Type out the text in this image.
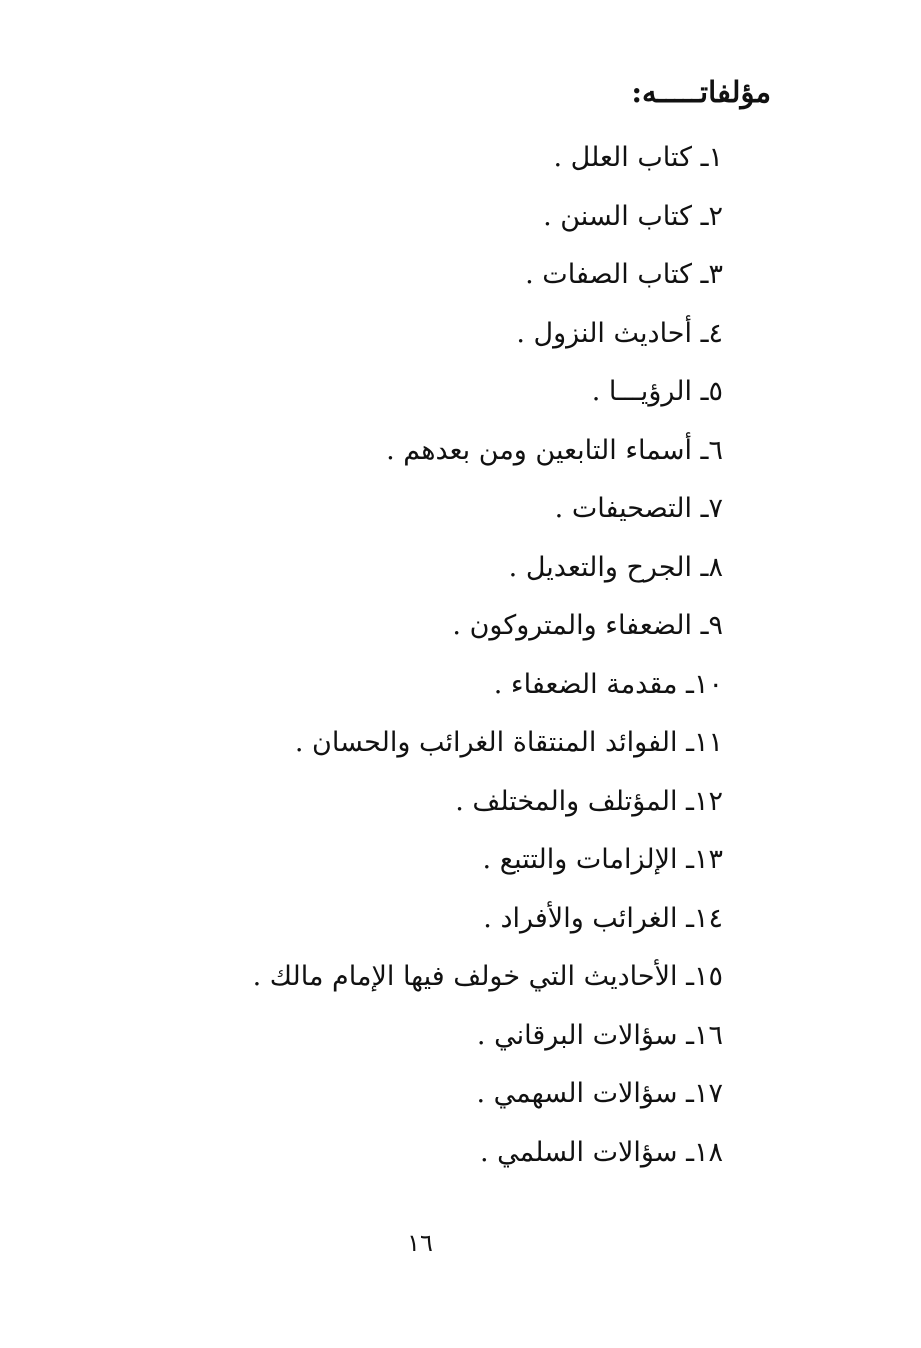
مؤلفاتـــــه:
١ـ كتاب العلل .
٢ـ كتاب السنن .
٣ـ كتاب الصفات .
٤ـ أحاديث النزول .
٥ـ الرؤيـــا .
٦ـ أسماء التابعين ومن بعدهم .
٧ـ التصحيفات .
٨ـ الجرح والتعديل .
٩ـ الضعفاء والمتروكون .
١٠ـ مقدمة الضعفاء .
١١ـ الفوائد المنتقاة الغرائب والحسان .
١٢ـ المؤتلف والمختلف .
١٣ـ الإلزامات والتتبع .
١٤ـ الغرائب والأفراد .
١٥ـ الأحاديث التي خولف فيها الإمام مالك .
١٦ـ سؤالات البرقاني .
١٧ـ سؤالات السهمي .
١٨ـ سؤالات السلمي .
١٦
